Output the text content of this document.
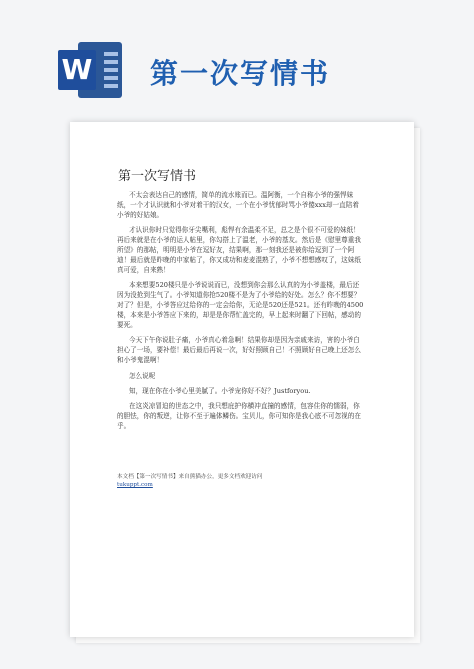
W 第一次写情书
第一次写情书

不太会表达自己的感情，简单的流水账而已。温阿衡，一个自称小爷的强悍妹纸，一个才认识就和小爷对着干的汉女，一个在小爷忧郁时骂小爷傻xxx却一直陪着小爷的好姑娘。

才认识你时只觉得你牙尖嘴利，彪悍有余温柔不足，总之是个很不可爱的妹纸！再后来就是在小爷的运人帖里，你勾搭上了温老，小爷的基友。然后是《慰里尊重我所望》的那帖，明明是小爷在逗好友，结果啊，那一刻我还是被你给逗到了一个阿迪！最后就是昨晚的申家帖了，你又成功和麦麦混熟了，小爷不想想感叹了，这妹纸真可爱，自来熟！

本来想要520楼只是小爷说说而已，没想到你会那么认真的为小爷盖楼，最后还因为没抢到生气了。小爷知道你抢520楼不是为了小爷给的好处。怎么？你不想要？对了？但是，小爷答应过给你的一定会给你，无论是520还是521。还有昨晚的4500楼，本来是小爷答应下来的，却是是你帮忙盖完的，早上起来时翻了下回帖，感动的要死。

今天下午你说肚子痛，小爷真心着急啊！结果你却是因为亲戚来访，害的小爷白担心了一场，要补偿！最后最后再说一次，好好照顾自己！不照顾好自己晚上还怎么和小爷鬼混啊！

怎么说呢

知，现在你在小爷心里美腻了。小爷宠你好不好？Justforyou.

在这炎凉冒迫的世态之中，我只想庇护你横冲直撞的感情，包容住你的懦弱，你的胆怯，你的叛逆，让你不至于遍体鳞伤。宝贝儿，你可知你是我心底不可忽视的在乎。

本文档【第一次写情书】来自熊猫办公，更多文档欢迎访问
tukuppt.com
